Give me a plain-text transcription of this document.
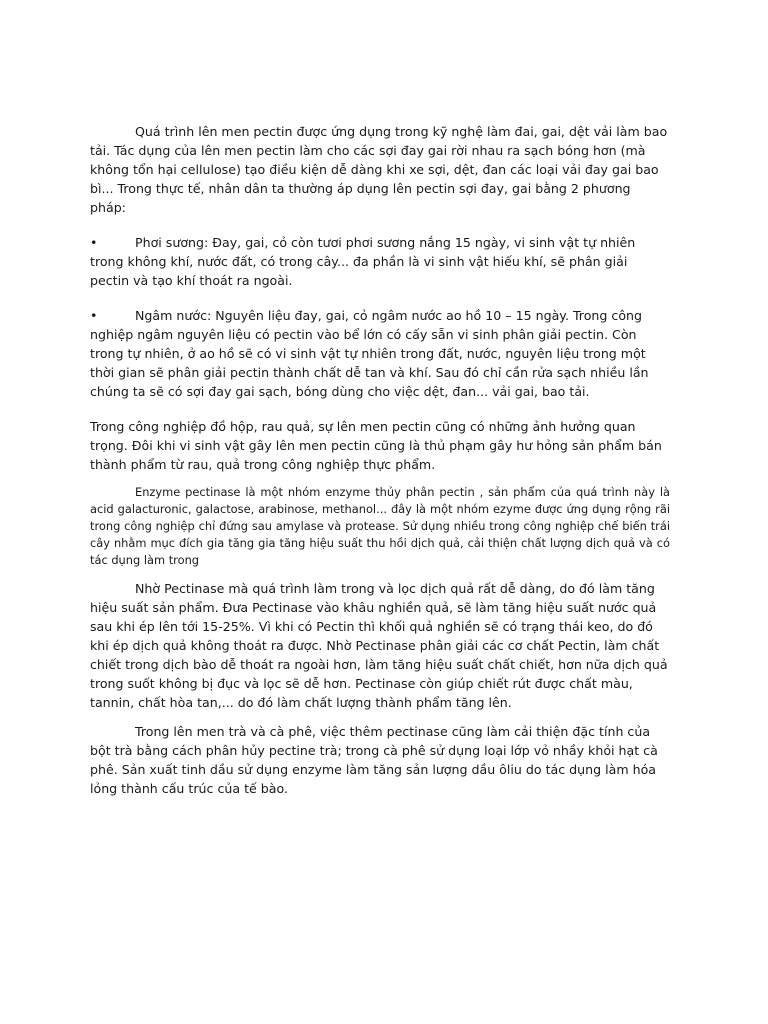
Quá trình lên men pectin được ứng dụng trong kỹ nghệ làm đai, gai, dệt vải làm bao tải. Tác dụng của lên men pectin làm cho các sợi đay gai rời nhau ra sạch bóng hơn (mà không tổn hại cellulose) tạo điều kiện dễ dàng khi xe sợi, dệt, đan các loại vải đay gai bao bì... Trong thực tế, nhân dân ta thường áp dụng lên pectin sợi đay, gai bằng 2 phương pháp:

•	Phơi sương: Đay, gai, cỏ còn tươi phơi sương nắng 15 ngày, vi sinh vật tự nhiên trong không khí, nước đất, có trong cây... đa phần là vi sinh vật hiếu khí, sẽ phân giải pectin và tạo khí thoát ra ngoài.
•	Ngâm nước: Nguyên liệu đay, gai, cỏ ngâm nước ao hồ 10 – 15 ngày. Trong công nghiệp ngâm nguyên liệu có pectin vào bể lớn có cấy sẵn vi sinh phân giải pectin. Còn trong tự nhiên, ở ao hồ sẽ có vi sinh vật tự nhiên trong đất, nước, nguyên liệu trong một thời gian sẽ phân giải pectin thành chất dễ tan và khí. Sau đó chỉ cần rửa sạch nhiều lần chúng ta sẽ có sợi đay gai sạch, bóng dùng cho việc dệt, đan... vải gai, bao tải.

Trong công nghiệp đồ hộp, rau quả, sự lên men pectin cũng có những ảnh hưởng quan trọng. Đôi khi vi sinh vật gây lên men pectin cũng là thủ phạm gây hư hỏng sản phẩm bán thành phẩm từ rau, quả trong công nghiệp thực phẩm.

Enzyme pectinase là một nhóm enzyme thủy phân pectin , sản phẩm của quá trình này là acid galacturonic, galactose, arabinose, methanol... đây là một nhóm ezyme được ứng dụng rộng rãi trong công nghiệp chỉ đứng sau amylase và protease. Sử dụng nhiều trong công nghiệp chế biến trái cây nhằm mục đích gia tăng gia tăng hiệu suất thu hồi dịch quả, cải thiện chất lượng dịch quả và có tác dụng làm trong

Nhờ Pectinase mà quá trình làm trong và lọc dịch quả rất dễ dàng, do đó làm tăng hiệu suất sản phẩm. Đưa Pectinase vào khâu nghiền quả, sẽ làm tăng hiệu suất nước quả sau khi ép lên tới 15-25%. Vì khi có Pectin thì khối quả nghiền sẽ có trạng thái keo, do đó khi ép dịch quả không thoát ra được. Nhờ Pectinase phân giải các cơ chất Pectin, làm chất chiết trong dịch bào dễ thoát ra ngoài hơn, làm tăng hiệu suất chất chiết, hơn nữa dịch quả trong suốt không bị đục và lọc sẽ dễ hơn. Pectinase còn giúp chiết rút được chất màu, tannin, chất hòa tan,... do đó làm chất lượng thành phẩm tăng lên.

Trong lên men trà và cà phê, việc thêm pectinase cũng làm cải thiện đặc tính của bột trà bằng cách phân hủy pectine trà; trong cà phê sử dụng loại lớp vỏ nhầy khỏi hạt cà phê. Sản xuất tinh dầu sử dụng enzyme làm tăng sản lượng dầu ôliu do tác dụng làm hóa lỏng thành cấu trúc của tế bào.
